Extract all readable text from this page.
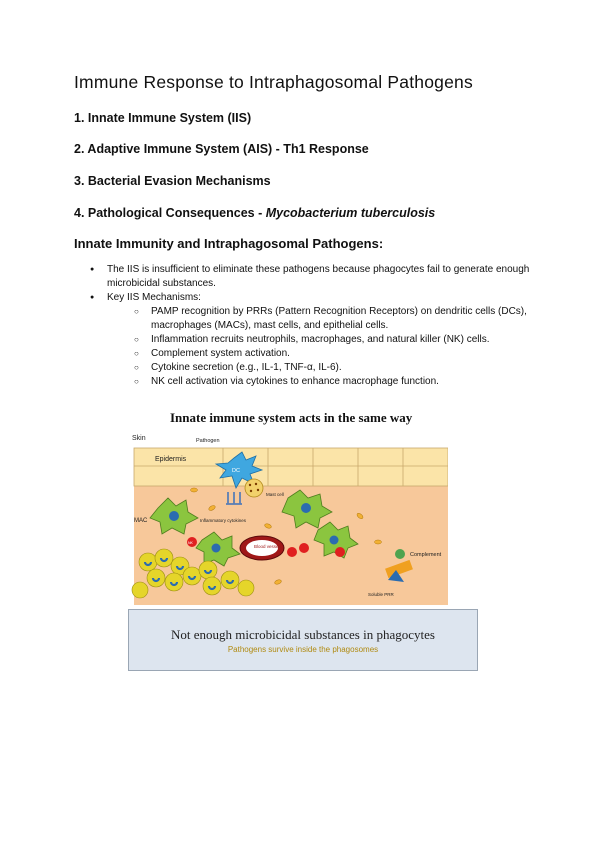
Immune Response to Intraphagosomal Pathogens
1. Innate Immune System (IIS)
2. Adaptive Immune System (AIS) - Th1 Response
3. Bacterial Evasion Mechanisms
4. Pathological Consequences - Mycobacterium tuberculosis
Innate Immunity and Intraphagosomal Pathogens:
● The IIS is insufficient to eliminate these pathogens because phagocytes fail to generate enough microbicidal substances.
● Key IIS Mechanisms:
○ PAMP recognition by PRRs (Pattern Recognition Receptors) on dendritic cells (DCs), macrophages (MACs), mast cells, and epithelial cells.
○ Inflammation recruits neutrophils, macrophages, and natural killer (NK) cells.
○ Complement system activation.
○ Cytokine secretion (e.g., IL-1, TNF-α, IL-6).
○ NK cell activation via cytokines to enhance macrophage function.
Innate immune system acts in the same way
Skin	Pathogen
Epidermis
DC
Mast cell
Inflammatory cytokines
MAC
Blood vessel
NK
Complement
Soluble PRR
Not enough microbicidal substances in phagocytes
Pathogens survive inside the phagosomes
